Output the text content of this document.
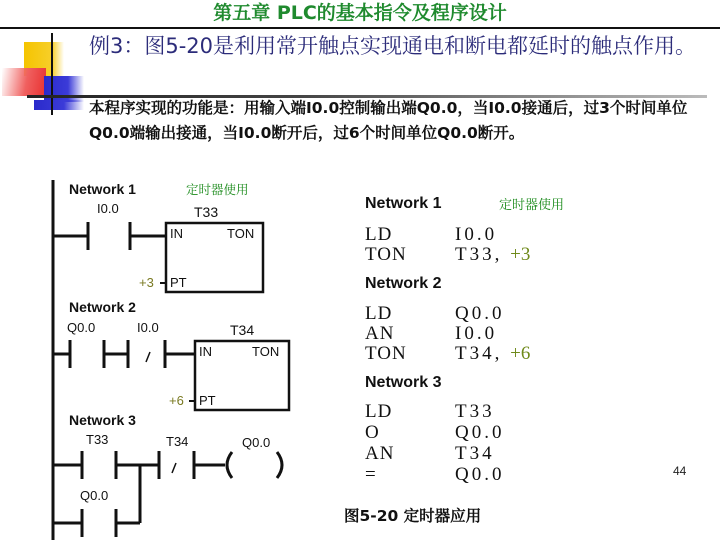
第五章 PLC的基本指令及程序设计
例3：图5-20是利用常开触点实现通电和断电都延时的触点作用。
本程序实现的功能是：用输入端I0.0控制输出端Q0.0，当I0.0接通后，过3个时间单位Q0.0端输出接通，当I0.0断开后，过6个时间单位Q0.0断开。
Network 1	定时器使用
I0.0	T33
IN	TON
+3 PT
Network 2
Q0.0	I0.0	T34
IN	TON
+6 PT
Network 3
T33	T34	Q0.0
Q0.0
Network 1	定时器使用
LD	I0.0
TON	T33, +3
Network 2
LD	Q0.0
AN	I0.0
TON	T34, +6
Network 3
LD	T33
O	Q0.0
AN	T34
=	Q0.0	44
图5-20 定时器应用
